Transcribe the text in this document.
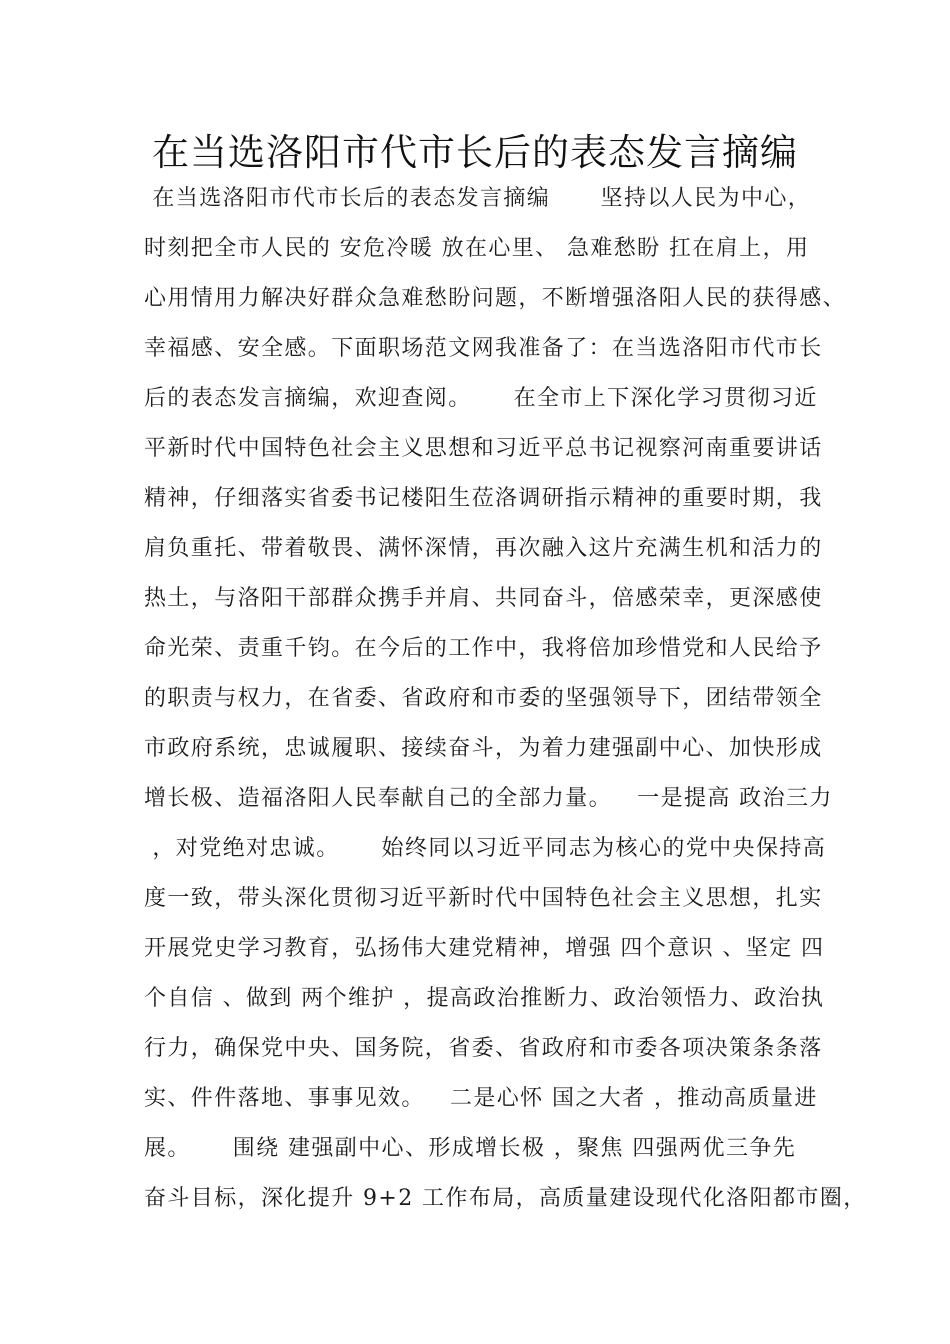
在当选洛阳市代市长后的表态发言摘编
在当选洛阳市代市长后的表态发言摘编      坚持以人民为中心，
时刻把全市人民的 安危冷暖 放在心里、 急难愁盼 扛在肩上，用
心用情用力解决好群众急难愁盼问题，不断增强洛阳人民的获得感、
幸福感、安全感。下面职场范文网我准备了：在当选洛阳市代市长
后的表态发言摘编，欢迎查阅。     在全市上下深化学习贯彻习近
平新时代中国特色社会主义思想和习近平总书记视察河南重要讲话
精神，仔细落实省委书记楼阳生莅洛调研指示精神的重要时期，我
肩负重托、带着敬畏、满怀深情，再次融入这片充满生机和活力的
热土，与洛阳干部群众携手并肩、共同奋斗，倍感荣幸，更深感使
命光荣、责重千钧。在今后的工作中，我将倍加珍惜党和人民给予
的职责与权力，在省委、省政府和市委的坚强领导下，团结带领全
市政府系统，忠诚履职、接续奋斗，为着力建强副中心、加快形成
增长极、造福洛阳人民奉献自己的全部力量。   一是提高 政治三力
，对党绝对忠诚。     始终同以习近平同志为核心的党中央保持高
度一致，带头深化贯彻习近平新时代中国特色社会主义思想，扎实
开展党史学习教育，弘扬伟大建党精神，增强 四个意识 、坚定 四
个自信 、做到 两个维护 ，提高政治推断力、政治领悟力、政治执
行力，确保党中央、国务院，省委、省政府和市委各项决策条条落
实、件件落地、事事见效。   二是心怀 国之大者 ，推动高质量进
展。     围绕 建强副中心、形成增长极 ，聚焦 四强两优三争先
奋斗目标，深化提升 9+2 工作布局，高质量建设现代化洛阳都市圈，
